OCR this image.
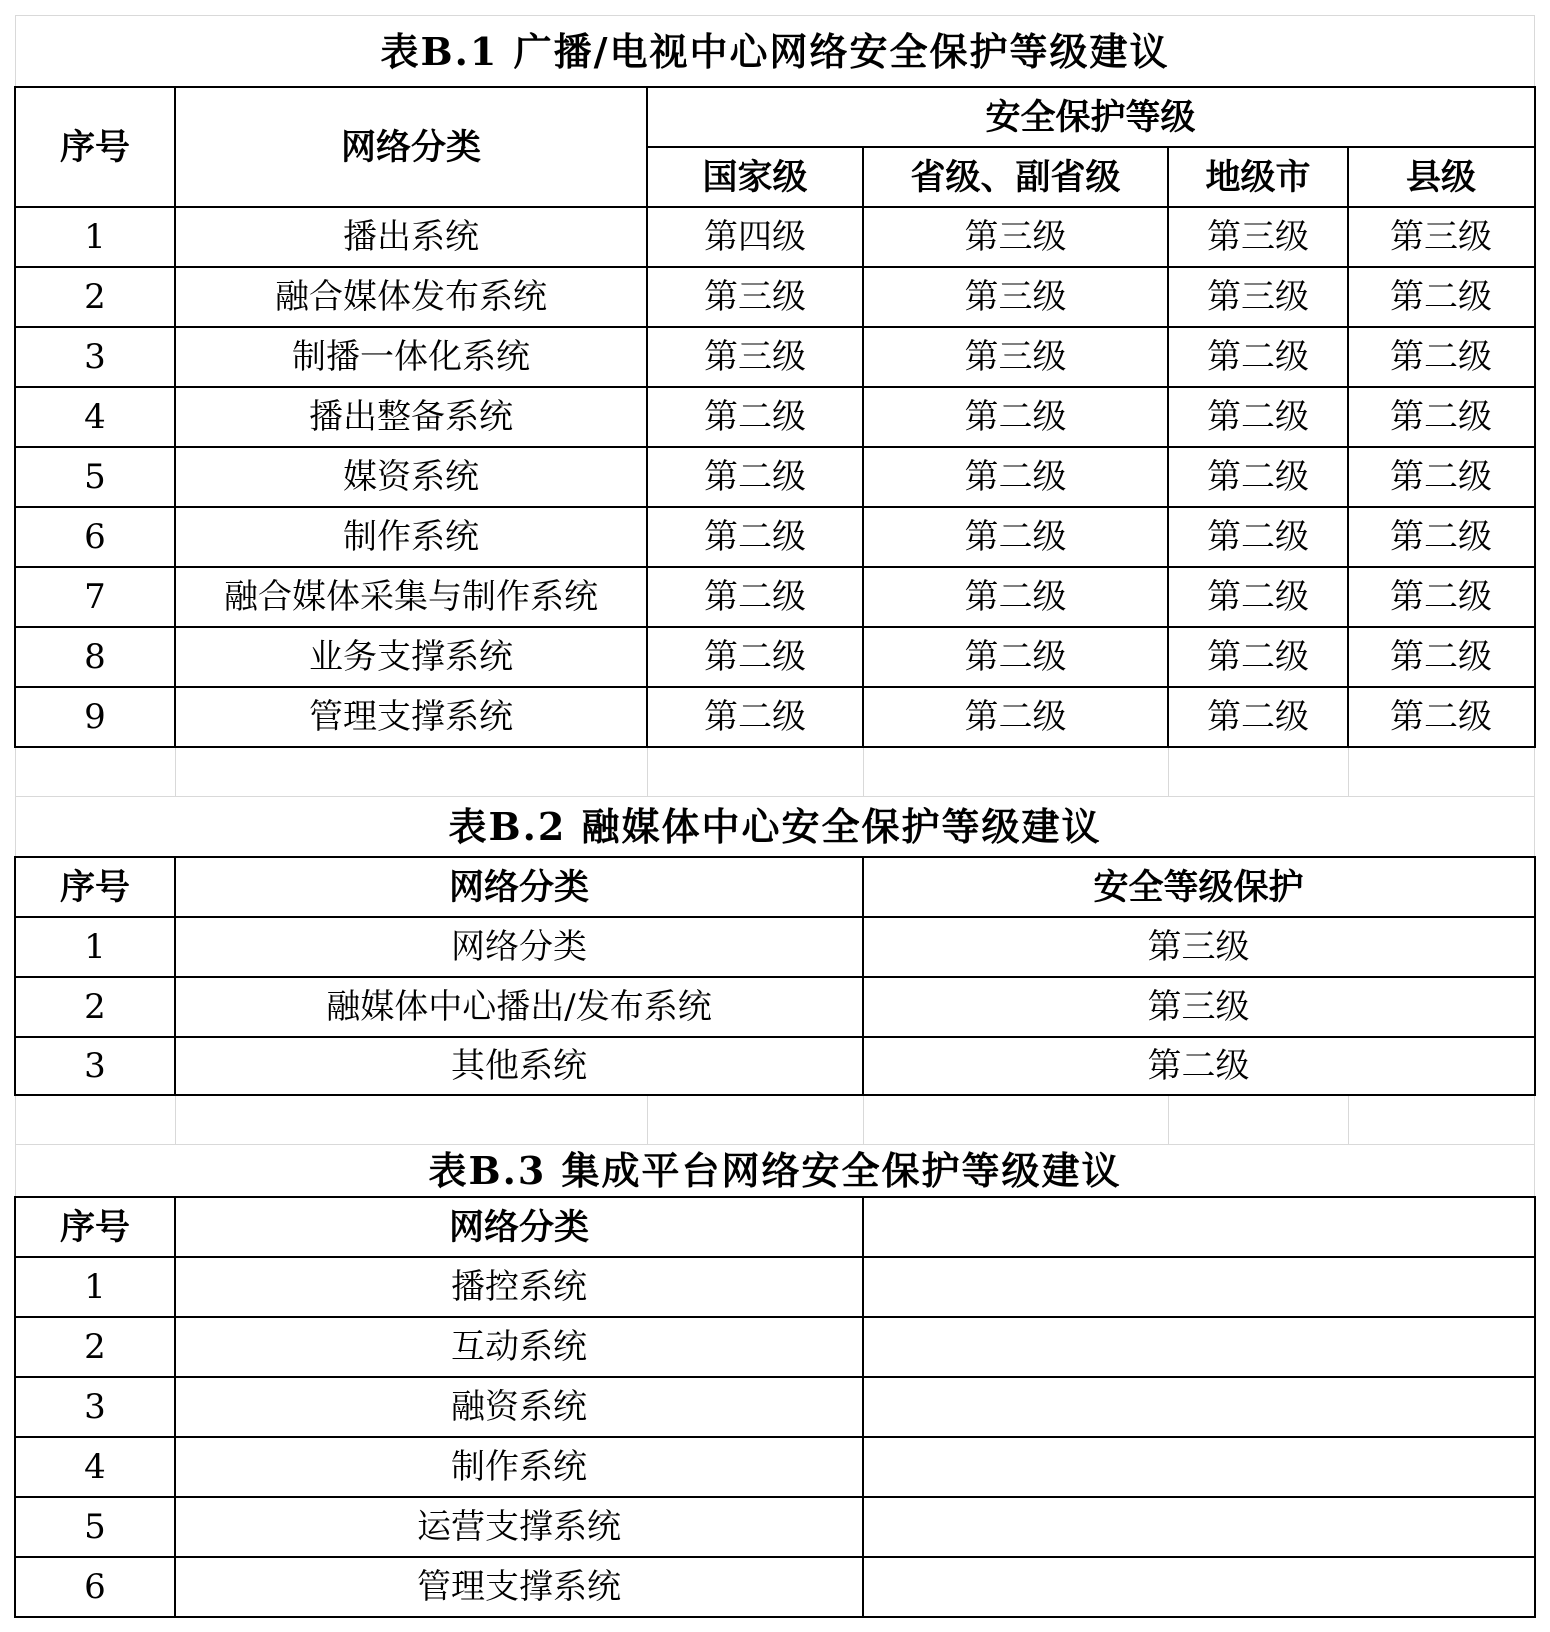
表B.1 广播/电视中心网络安全保护等级建议
序号	网络分类
安全保护等级
国家级	省级、副省级	地级市	县级
1	播出系统	第四级	第三级	第三级	第三级
2	融合媒体发布系统	第三级	第三级	第三级	第二级
3	制播一体化系统	第三级	第三级	第二级	第二级
4	播出整备系统	第二级	第二级	第二级	第二级
5	媒资系统	第二级	第二级	第二级	第二级
6	制作系统	第二级	第二级	第二级	第二级
7	融合媒体采集与制作系统	第二级	第二级	第二级	第二级
8	业务支撑系统	第二级	第二级	第二级	第二级
9	管理支撑系统	第二级	第二级	第二级	第二级
表B.2 融媒体中心安全保护等级建议
序号	网络分类	安全等级保护
1	网络分类	第三级
2	融媒体中心播出/发布系统	第三级
3	其他系统	第二级
表B.3 集成平台网络安全保护等级建议
序号	网络分类
1	播控系统
2	互动系统
3	融资系统
4	制作系统
5	运营支撑系统
6	管理支撑系统
